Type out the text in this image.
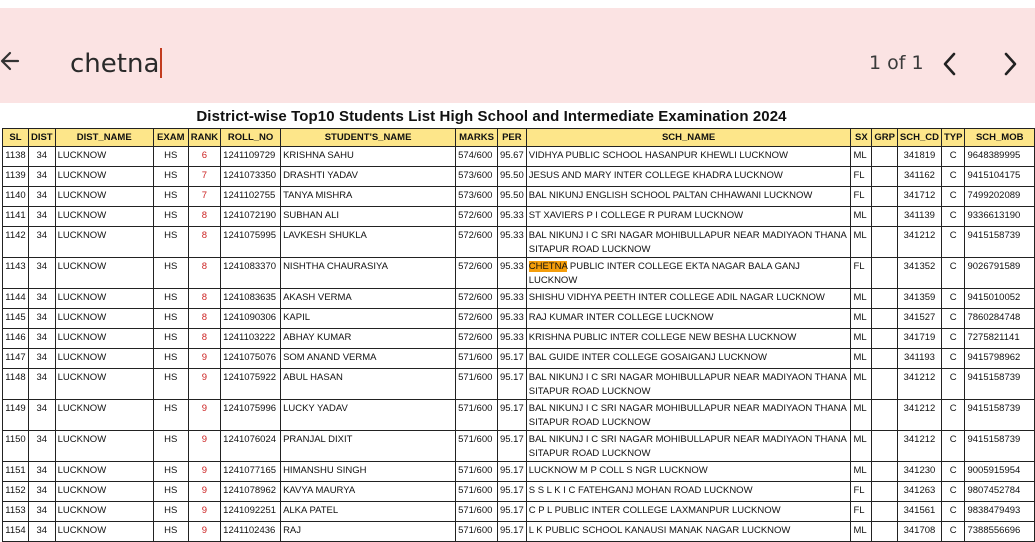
chetna	1 of 1
District-wise Top10 Students List High School and Intermediate Examination 2024
SL	DIST	DIST_NAME	EXAM	RANK	ROLL_NO	STUDENT'S_NAME	MARKS	PER	SCH_NAME	SX	GRP	SCH_CD	TYP	SCH_MOB
1138	34	LUCKNOW	HS	6	1241109729	KRISHNA SAHU	574/600	95.67	VIDHYA PUBLIC SCHOOL HASANPUR KHEWLI LUCKNOW	ML		341819	C	9648389995
1139	34	LUCKNOW	HS	7	1241073350	DRASHTI YADAV	573/600	95.50	JESUS AND MARY INTER COLLEGE KHADRA LUCKNOW	FL		341162	C	9415104175
1140	34	LUCKNOW	HS	7	1241102755	TANYA MISHRA	573/600	95.50	BAL NIKUNJ ENGLISH SCHOOL PALTAN CHHAWANI LUCKNOW	FL		341712	C	7499202089
1141	34	LUCKNOW	HS	8	1241072190	SUBHAN ALI	572/600	95.33	ST XAVIERS P I COLLEGE R PURAM LUCKNOW	ML		341139	C	9336613190
1142	34	LUCKNOW	HS	8	1241075995	LAVKESH SHUKLA	572/600	95.33	BAL NIKUNJ I C SRI NAGAR MOHIBULLAPUR NEAR MADIYAON THANA SITAPUR ROAD LUCKNOW	ML		341212	C	9415158739
1143	34	LUCKNOW	HS	8	1241083370	NISHTHA CHAURASIYA	572/600	95.33	CHETNA PUBLIC INTER COLLEGE EKTA NAGAR BALA GANJ LUCKNOW	FL		341352	C	9026791589
1144	34	LUCKNOW	HS	8	1241083635	AKASH VERMA	572/600	95.33	SHISHU VIDHYA PEETH INTER COLLEGE ADIL NAGAR LUCKNOW	ML		341359	C	9415010052
1145	34	LUCKNOW	HS	8	1241090306	KAPIL	572/600	95.33	RAJ KUMAR INTER COLLEGE LUCKNOW	ML		341527	C	7860284748
1146	34	LUCKNOW	HS	8	1241103222	ABHAY KUMAR	572/600	95.33	KRISHNA PUBLIC INTER COLLEGE NEW BESHA LUCKNOW	ML		341719	C	7275821141
1147	34	LUCKNOW	HS	9	1241075076	SOM ANAND VERMA	571/600	95.17	BAL GUIDE INTER COLLEGE GOSAIGANJ LUCKNOW	ML		341193	C	9415798962
1148	34	LUCKNOW	HS	9	1241075922	ABUL HASAN	571/600	95.17	BAL NIKUNJ I C SRI NAGAR MOHIBULLAPUR NEAR MADIYAON THANA SITAPUR ROAD LUCKNOW	ML		341212	C	9415158739
1149	34	LUCKNOW	HS	9	1241075996	LUCKY YADAV	571/600	95.17	BAL NIKUNJ I C SRI NAGAR MOHIBULLAPUR NEAR MADIYAON THANA SITAPUR ROAD LUCKNOW	ML		341212	C	9415158739
1150	34	LUCKNOW	HS	9	1241076024	PRANJAL DIXIT	571/600	95.17	BAL NIKUNJ I C SRI NAGAR MOHIBULLAPUR NEAR MADIYAON THANA SITAPUR ROAD LUCKNOW	ML		341212	C	9415158739
1151	34	LUCKNOW	HS	9	1241077165	HIMANSHU SINGH	571/600	95.17	LUCKNOW M P COLL S NGR LUCKNOW	ML		341230	C	9005915954
1152	34	LUCKNOW	HS	9	1241078962	KAVYA MAURYA	571/600	95.17	S S L K I C FATEHGANJ MOHAN ROAD LUCKNOW	FL		341263	C	9807452784
1153	34	LUCKNOW	HS	9	1241092251	ALKA PATEL	571/600	95.17	C P L PUBLIC INTER COLLEGE LAXMANPUR LUCKNOW	FL		341561	C	9838479493
1154	34	LUCKNOW	HS	9	1241102436	RAJ	571/600	95.17	L K PUBLIC SCHOOL KANAUSI MANAK NAGAR LUCKNOW	ML		341708	C	7388556696
